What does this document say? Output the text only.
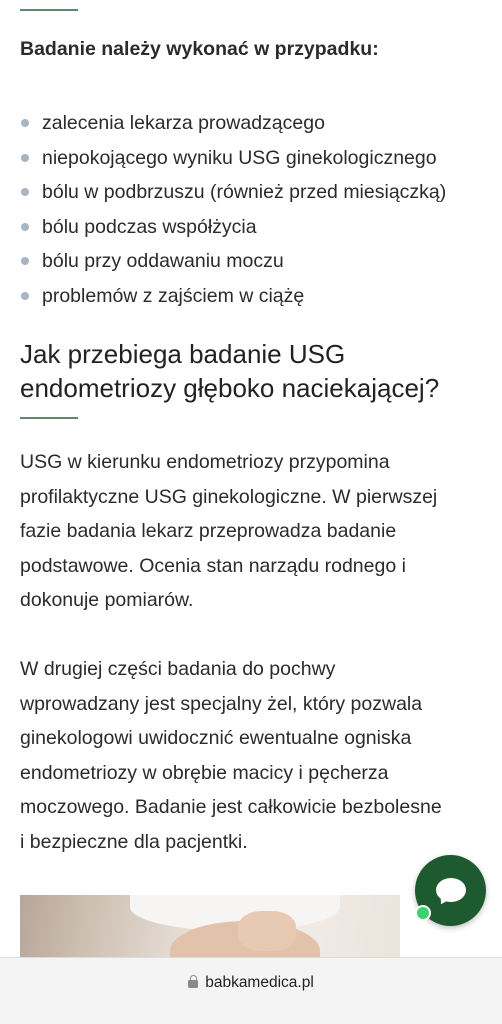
Badanie należy wykonać w przypadku:
zalecenia lekarza prowadzącego
niepokojącego wyniku USG ginekologicznego
bólu w podbrzuszu (również przed miesiączką)
bólu podczas współżycia
bólu przy oddawaniu moczu
problemów z zajściem w ciążę
Jak przebiega badanie USG
endometriozy głęboko naciekającej?

USG w kierunku endometriozy przypomina
profilaktyczne USG ginekologiczne. W pierwszej
fazie badania lekarz przeprowadza badanie
podstawowe. Ocenia stan narządu rodnego i
dokonuje pomiarów.

W drugiej części badania do pochwy
wprowadzany jest specjalny żel, który pozwala
ginekologowi uwidocznić ewentualne ogniska
endometriozy w obrębie macicy i pęcherza
moczowego. Badanie jest całkowicie bezbolesne
i bezpieczne dla pacjentki.

babkamedica.pl
